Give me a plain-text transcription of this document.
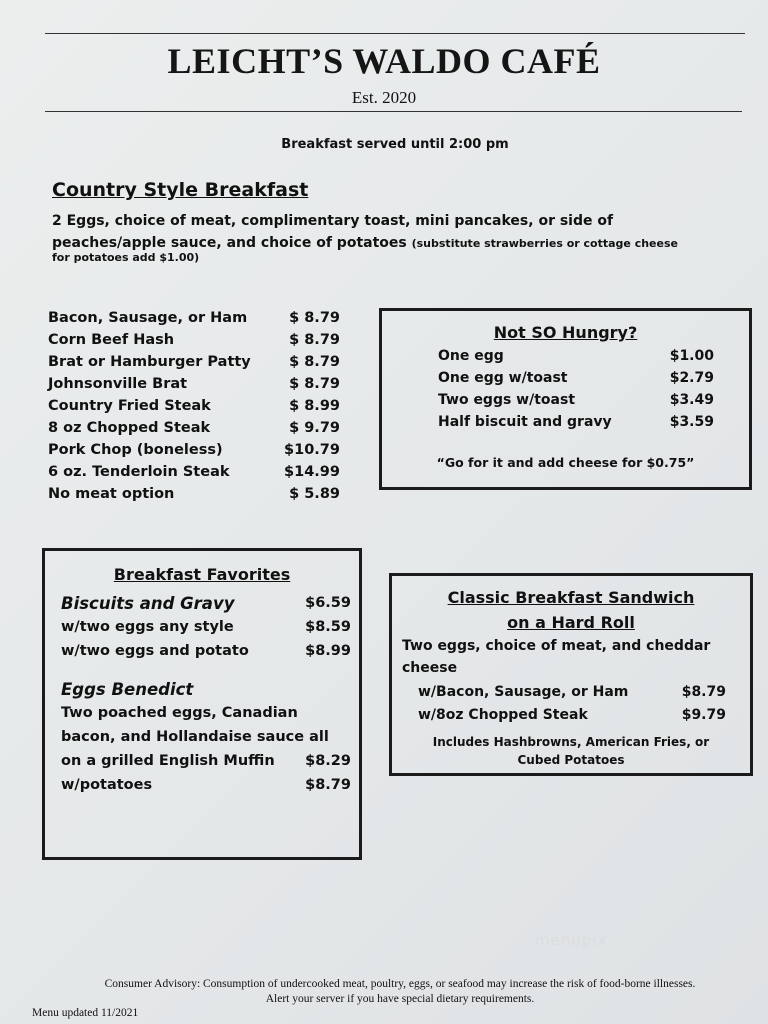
LEICHT’S WALDO CAFÉ
Est. 2020
Breakfast served until 2:00 pm
Country Style Breakfast
2 Eggs, choice of meat, complimentary toast, mini pancakes, or side of
peaches/apple sauce, and choice of potatoes (substitute strawberries or cottage cheese
for potatoes add $1.00)
Bacon, Sausage, or Ham	$ 8.79
Corn Beef Hash	$ 8.79
Brat or Hamburger Patty	$ 8.79
Johnsonville Brat	$ 8.79
Country Fried Steak	$ 8.99
8 oz Chopped Steak	$ 9.79
Pork Chop (boneless)	$10.79
6 oz. Tenderloin Steak	$14.99
No meat option	$ 5.89
Not SO Hungry?
One egg	$1.00
One egg w/toast	$2.79
Two eggs w/toast	$3.49
Half biscuit and gravy	$3.59
“Go for it and add cheese for $0.75”
Breakfast Favorites
Biscuits and Gravy	$6.59
w/two eggs any style	$8.59
w/two eggs and potato	$8.99
Eggs Benedict
Two poached eggs, Canadian
bacon, and Hollandaise sauce all
on a grilled English Muffin $8.29
w/potatoes	$8.79
Classic Breakfast Sandwich
on a Hard Roll
Two eggs, choice of meat, and cheddar
cheese
w/Bacon, Sausage, or Ham	$8.79
w/8oz Chopped Steak	$9.79
Includes Hashbrowns, American Fries, or
Cubed Potatoes
menupix
Consumer Advisory: Consumption of undercooked meat, poultry, eggs, or seafood may increase the risk of food-borne illnesses.
Alert your server if you have special dietary requirements.
Menu updated 11/2021
